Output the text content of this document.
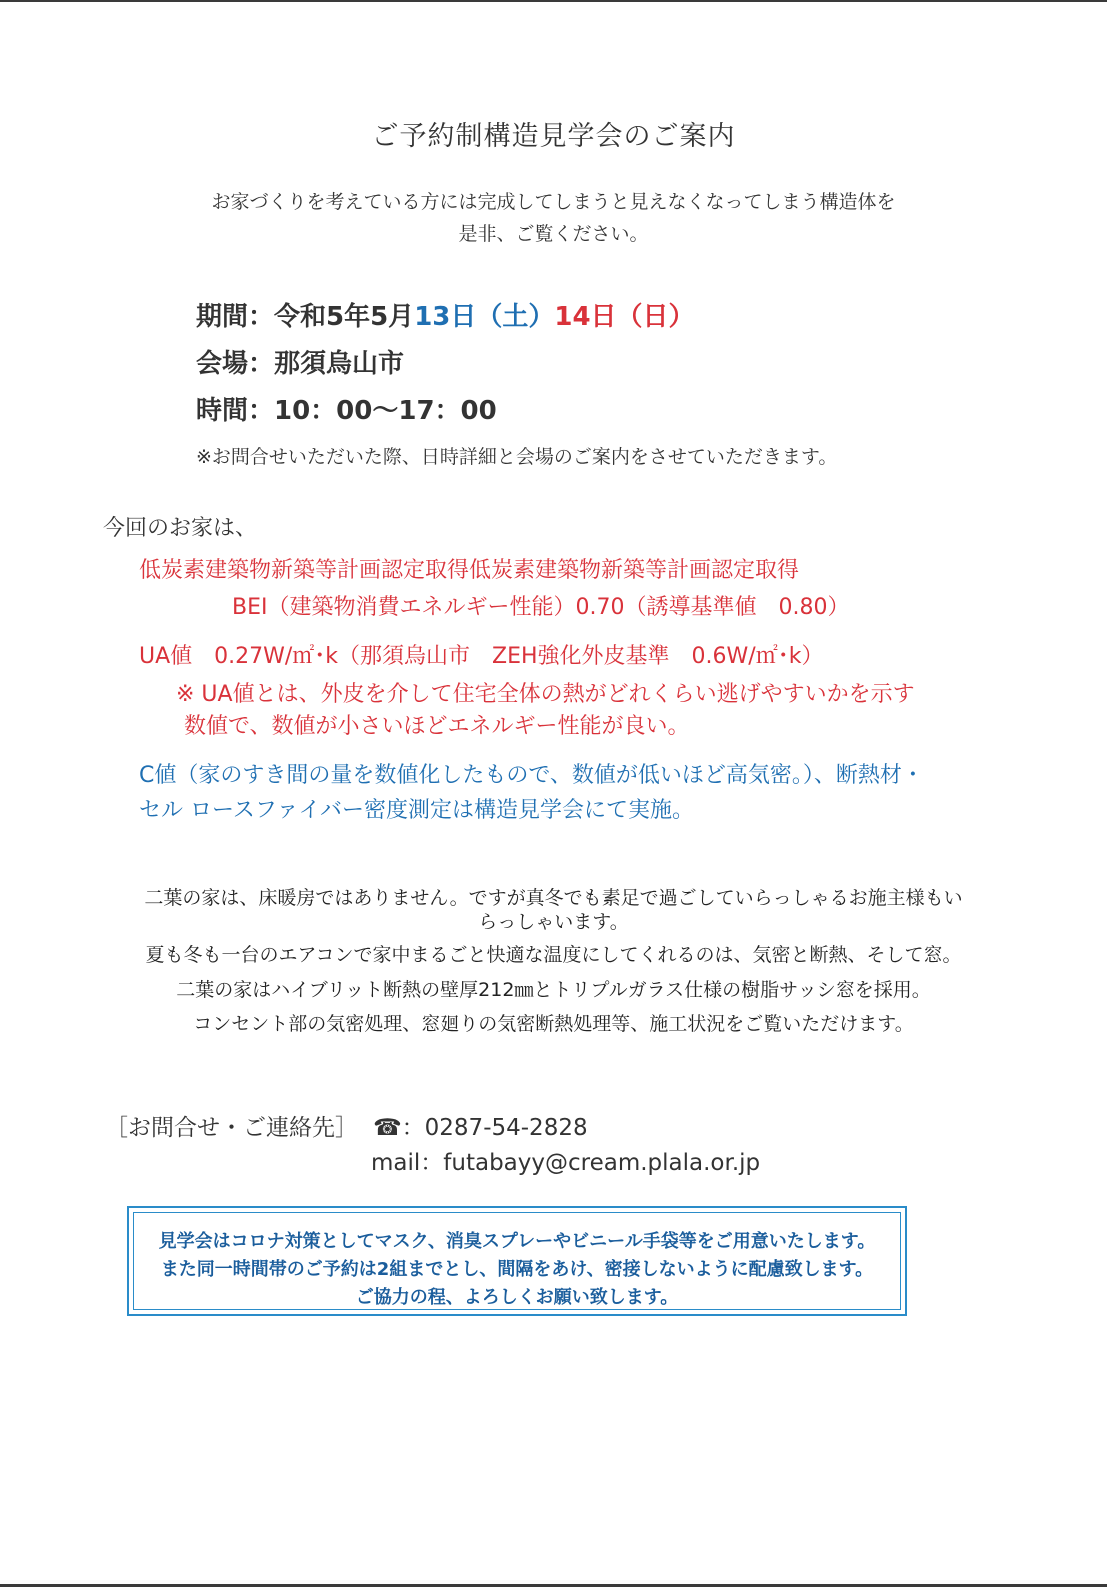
ご予約制構造見学会のご案内
お家づくりを考えている方には完成してしまうと見えなくなってしまう構造体を
是非、ご覧ください。
期間：令和5年5月13日（土）14日（日）
会場：那須烏山市
時間：10：00～17：00
※お問合せいただいた際、日時詳細と会場のご案内をさせていただきます。
今回のお家は、
低炭素建築物新築等計画認定取得低炭素建築物新築等計画認定取得
BEI（建築物消費エネルギー性能）0.70（誘導基準値　0.80）
UA値　0.27W/㎡･k（那須烏山市　ZEH強化外皮基準　0.6W/㎡･k）
※ UA値とは、外皮を介して住宅全体の熱がどれくらい逃げやすいかを示す
数値で、数値が小さいほどエネルギー性能が良い。
C値（家のすき間の量を数値化したもので、数値が低いほど高気密。）、断熱材・
セル ロースファイバー密度測定は構造見学会にて実施。
二葉の家は、床暖房ではありません。ですが真冬でも素足で過ごしていらっしゃるお施主様もい
らっしゃいます。
夏も冬も一台のエアコンで家中まるごと快適な温度にしてくれるのは、気密と断熱、そして窓。
二葉の家はハイブリット断熱の壁厚212㎜とトリプルガラス仕様の樹脂サッシ窓を採用。
コンセント部の気密処理、窓廻りの気密断熱処理等、施工状況をご覧いただけます。
［お問合せ・ご連絡先］ ☎：0287-54-2828
mail：futabayy@cream.plala.or.jp
見学会はコロナ対策としてマスク、消臭スプレーやビニール手袋等をご用意いたします。
また同一時間帯のご予約は2組までとし、間隔をあけ、密接しないように配慮致します。
ご協力の程、よろしくお願い致します。
